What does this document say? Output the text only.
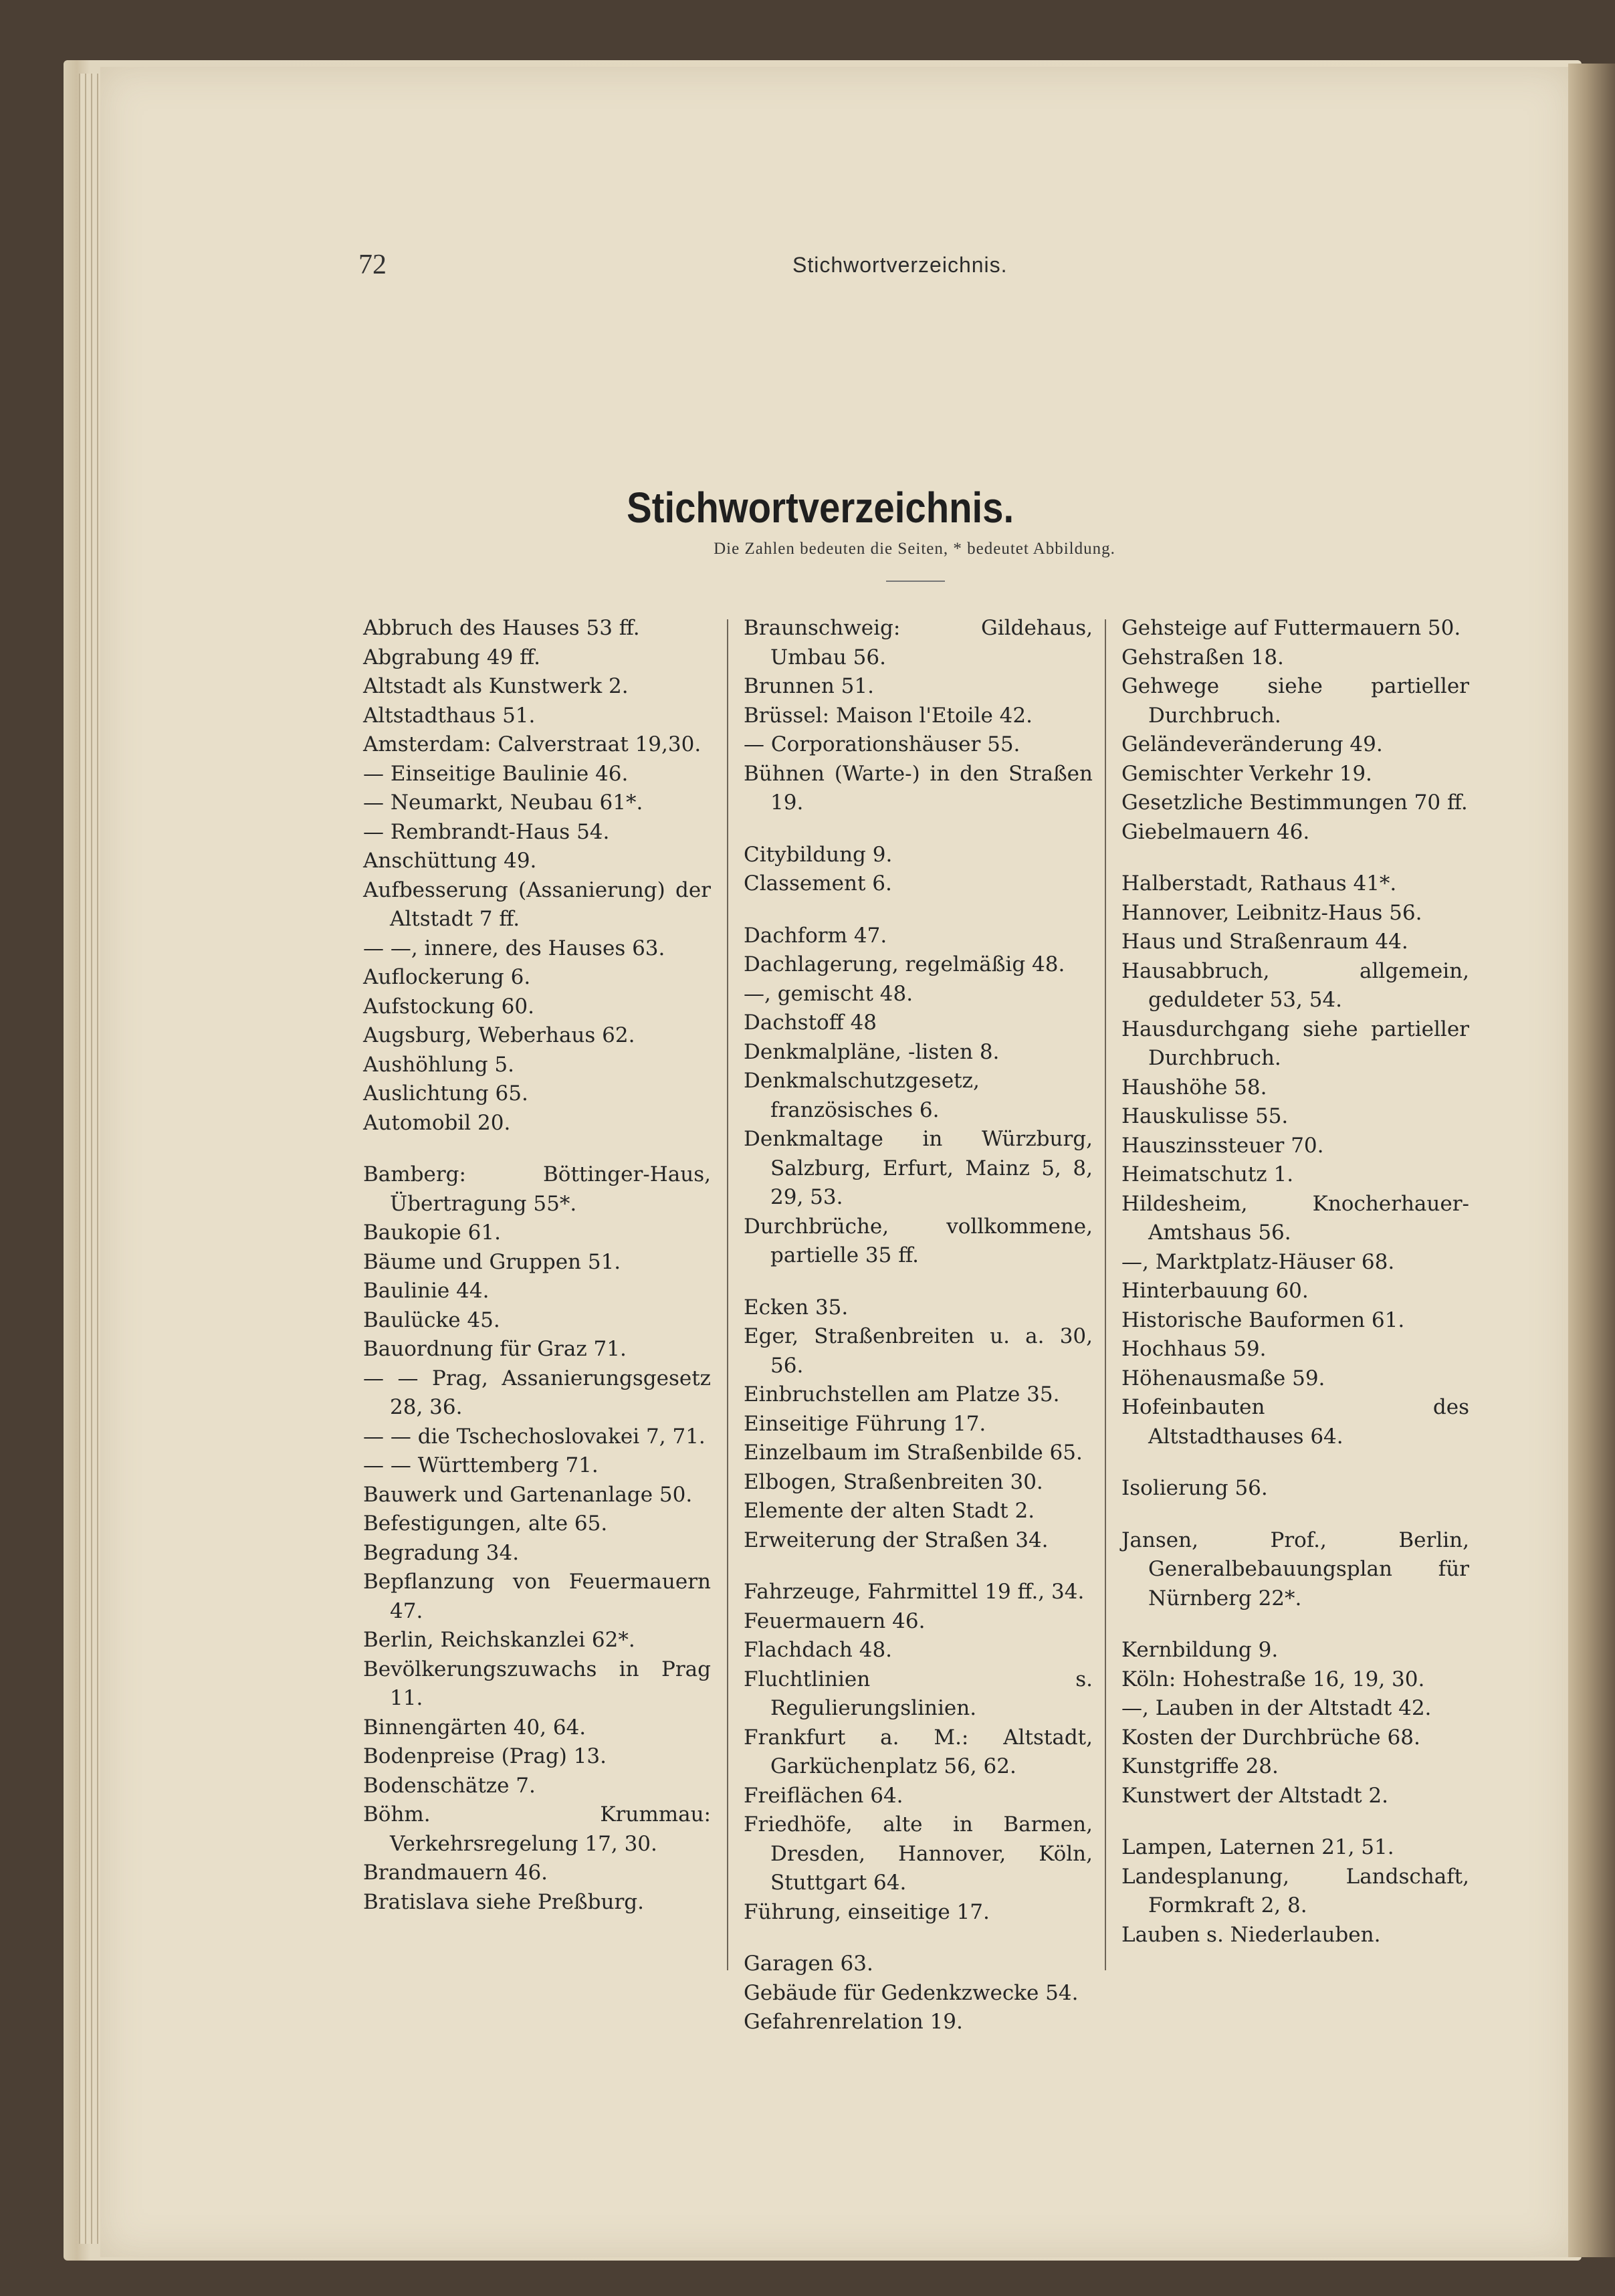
72	Stichwortverzeichnis.
Stichwortverzeichnis.
Die Zahlen bedeuten die Seiten, * bedeutet Abbildung.

Abbruch des Hauses 53 ff.

Abgrabung 49 ff.

Altstadt als Kunstwerk 2.

Altstadthaus 51.

Amsterdam: Calverstraat 19,30.

— Einseitige Baulinie 46.

— Neumarkt, Neubau 61*.

— Rembrandt-Haus 54.

Anschüttung 49.

Aufbesserung (Assanierung) der Altstadt 7 ff.

— —, innere, des Hauses 63.

Auflockerung 6.

Aufstockung 60.

Augsburg, Weberhaus 62.

Aushöhlung 5.

Auslichtung 65.

Automobil 20.

Bamberg: Böttinger-Haus, Übertragung 55*.

Baukopie 61.

Bäume und Gruppen 51.

Baulinie 44.

Baulücke 45.

Bauordnung für Graz 71.

— — Prag, Assanierungsgesetz 28, 36.

— — die Tschechoslovakei 7, 71.

— — Württemberg 71.

Bauwerk und Gartenanlage 50.

Befestigungen, alte 65.

Begradung 34.

Bepflanzung von Feuermauern 47.

Berlin, Reichskanzlei 62*.

Bevölkerungszuwachs in Prag 11.

Binnengärten 40, 64.

Bodenpreise (Prag) 13.

Bodenschätze 7.

Böhm. Krummau: Verkehrsregelung 17, 30.

Brandmauern 46.

Bratislava siehe Preßburg.

Braunschweig: Gildehaus, Umbau 56.

Brunnen 51.

Brüssel: Maison l'Etoile 42.

— Corporationshäuser 55.

Bühnen (Warte-) in den Straßen 19.

Citybildung 9.

Classement 6.

Dachform 47.

Dachlagerung, regelmäßig 48.

—, gemischt 48.

Dachstoff 48

Denkmalpläne, -listen 8.

Denkmalschutzgesetz, französisches 6.

Denkmaltage in Würzburg, Salzburg, Erfurt, Mainz 5, 8, 29, 53.

Durchbrüche, vollkommene, partielle 35 ff.

Ecken 35.

Eger, Straßenbreiten u. a. 30, 56.

Einbruchstellen am Platze 35.

Einseitige Führung 17.

Einzelbaum im Straßenbilde 65.

Elbogen, Straßenbreiten 30.

Elemente der alten Stadt 2.

Erweiterung der Straßen 34.

Fahrzeuge, Fahrmittel 19 ff., 34.

Feuermauern 46.

Flachdach 48.

Fluchtlinien s. Regulierungslinien.

Frankfurt a. M.: Altstadt, Garküchenplatz 56, 62.

Freiflächen 64.

Friedhöfe, alte in Barmen, Dresden, Hannover, Köln, Stuttgart 64.

Führung, einseitige 17.

Garagen 63.

Gebäude für Gedenkzwecke 54.

Gefahrenrelation 19.

Gehsteige auf Futtermauern 50.

Gehstraßen 18.

Gehwege siehe partieller Durchbruch.

Geländeveränderung 49.

Gemischter Verkehr 19.

Gesetzliche Bestimmungen 70 ff.

Giebelmauern 46.

Halberstadt, Rathaus 41*.

Hannover, Leibnitz-Haus 56.

Haus und Straßenraum 44.

Hausabbruch, allgemein, geduldeter 53, 54.

Hausdurchgang siehe partieller Durchbruch.

Haushöhe 58.

Hauskulisse 55.

Hauszinssteuer 70.

Heimatschutz 1.

Hildesheim, Knocherhauer-Amtshaus 56.

—, Marktplatz-Häuser 68.

Hinterbauung 60.

Historische Bauformen 61.

Hochhaus 59.

Höhenausmaße 59.

Hofeinbauten des Altstadthauses 64.

Isolierung 56.

Jansen, Prof., Berlin, Generalbebauungsplan für Nürnberg 22*.

Kernbildung 9.

Köln: Hohestraße 16, 19, 30.

—, Lauben in der Altstadt 42.

Kosten der Durchbrüche 68.

Kunstgriffe 28.

Kunstwert der Altstadt 2.

Lampen, Laternen 21, 51.

Landesplanung, Landschaft, Formkraft 2, 8.

Lauben s. Niederlauben.
